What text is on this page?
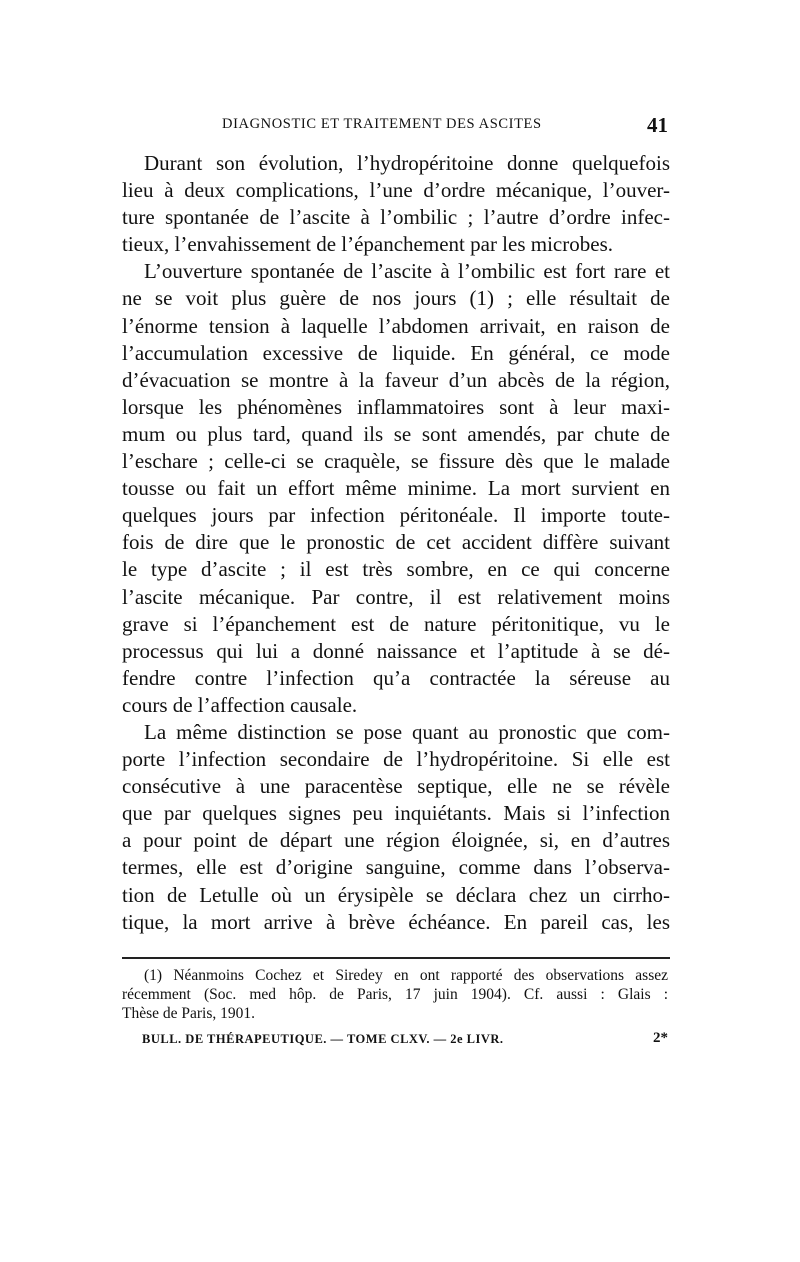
DIAGNOSTIC ET TRAITEMENT DES ASCITES	41
Durant son évolution, l’hydropéritoine donne quelquefois
lieu à deux complications, l’une d’ordre mécanique, l’ouver-
ture spontanée de l’ascite à l’ombilic ; l’autre d’ordre infec-
tieux, l’envahissement de l’épanchement par les microbes.
L’ouverture spontanée de l’ascite à l’ombilic est fort rare et
ne se voit plus guère de nos jours (1) ; elle résultait de
l’énorme tension à laquelle l’abdomen arrivait, en raison de
l’accumulation excessive de liquide. En général, ce mode
d’évacuation se montre à la faveur d’un abcès de la région,
lorsque les phénomènes inflammatoires sont à leur maxi-
mum ou plus tard, quand ils se sont amendés, par chute de
l’eschare ; celle-ci se craquèle, se fissure dès que le malade
tousse ou fait un effort même minime. La mort survient en
quelques jours par infection péritonéale. Il importe toute-
fois de dire que le pronostic de cet accident diffère suivant
le type d’ascite ; il est très sombre, en ce qui concerne
l’ascite mécanique. Par contre, il est relativement moins
grave si l’épanchement est de nature péritonitique, vu le
processus qui lui a donné naissance et l’aptitude à se dé-
fendre contre l’infection qu’a contractée la séreuse au
cours de l’affection causale.
La même distinction se pose quant au pronostic que com-
porte l’infection secondaire de l’hydropéritoine. Si elle est
consécutive à une paracentèse septique, elle ne se révèle
que par quelques signes peu inquiétants. Mais si l’infection
a pour point de départ une région éloignée, si, en d’autres
termes, elle est d’origine sanguine, comme dans l’observa-
tion de Letulle où un érysipèle se déclara chez un cirrho-
tique, la mort arrive à brève échéance. En pareil cas, les
(1) Néanmoins Cochez et Siredey en ont rapporté des observations assez
récemment (Soc. med hôp. de Paris, 17 juin 1904). Cf. aussi : Glais :
Thèse de Paris, 1901.
BULL. DE THÉRAPEUTIQUE. — TOME CLXV. — 2e LIVR.	2*
